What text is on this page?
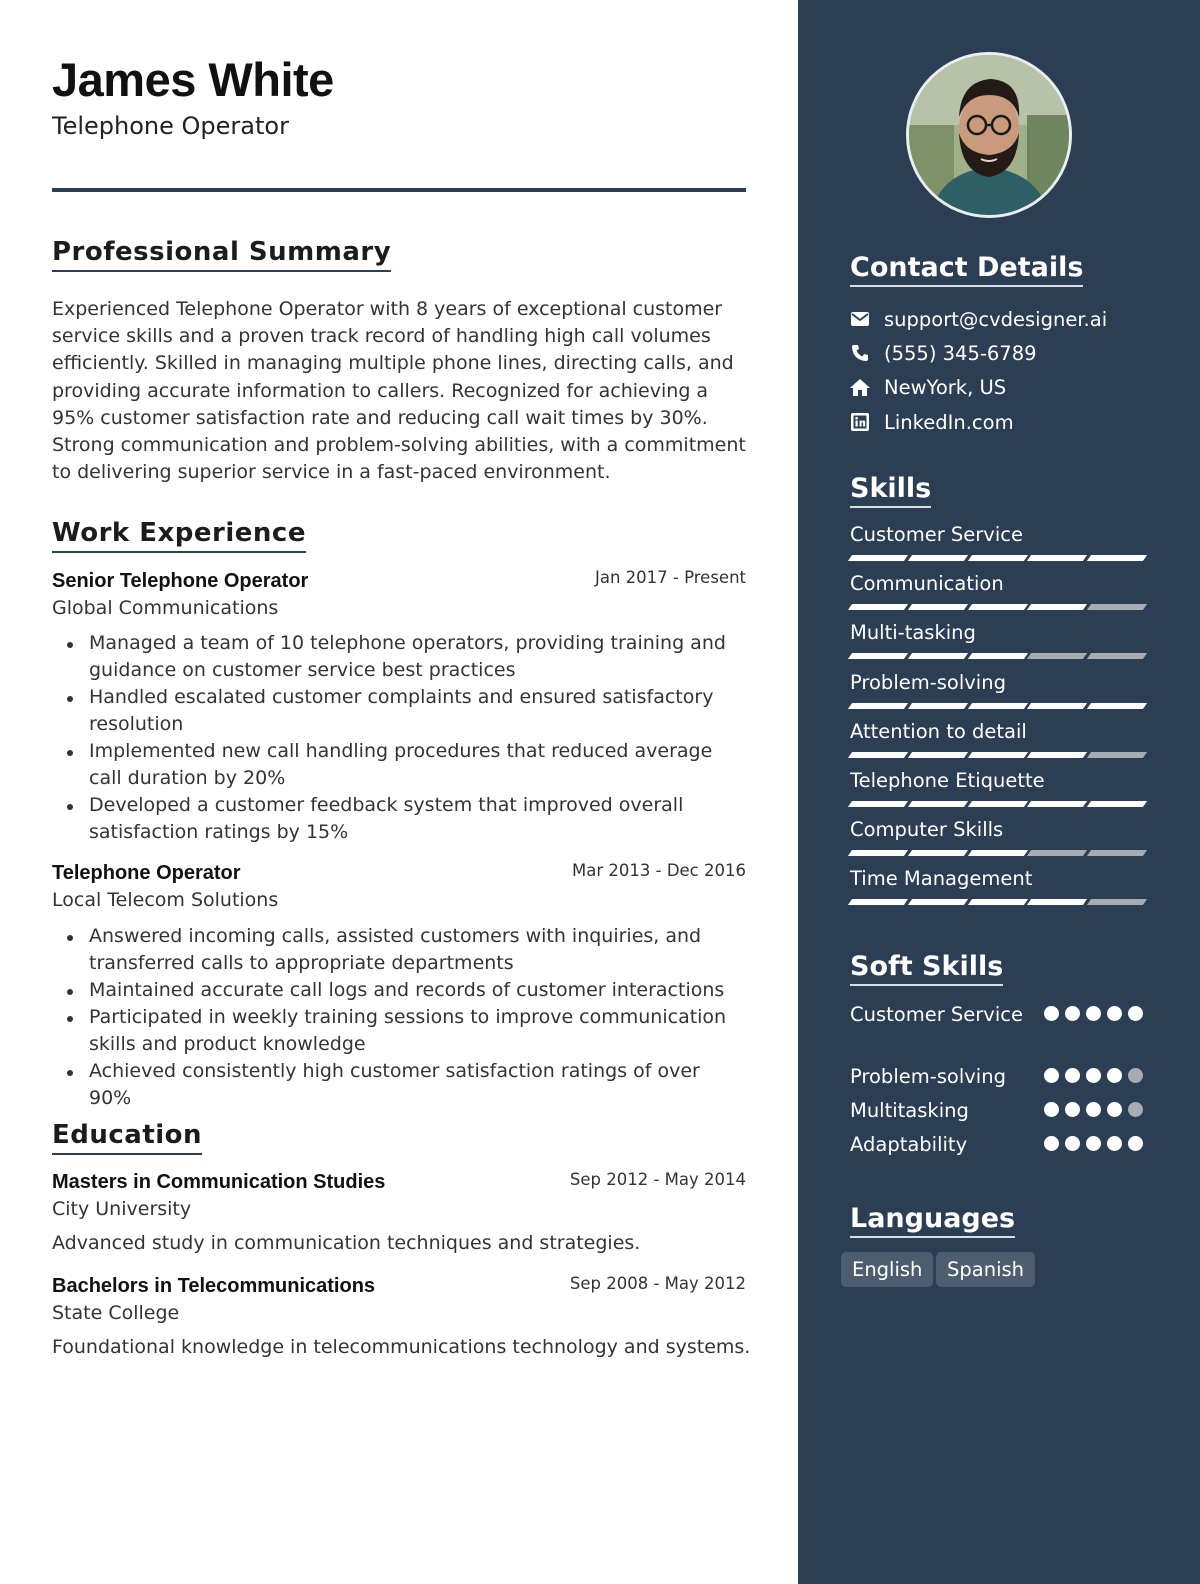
James White
Telephone Operator
Professional Summary

Experienced Telephone Operator with 8 years of exceptional customer service skills and a proven track record of handling high call volumes efficiently. Skilled in managing multiple phone lines, directing calls, and providing accurate information to callers. Recognized for achieving a 95% customer satisfaction rate and reducing call wait times by 30%. Strong communication and problem-solving abilities, with a commitment to delivering superior service in a fast-paced environment.

Work Experience
Senior Telephone Operator	Jan 2017 - Present
Global Communications
Managed a team of 10 telephone operators, providing training and guidance on customer service best practices
Handled escalated customer complaints and ensured satisfactory resolution
Implemented new call handling procedures that reduced average call duration by 20%
Developed a customer feedback system that improved overall satisfaction ratings by 15%
Telephone Operator	Mar 2013 - Dec 2016
Local Telecom Solutions
Answered incoming calls, assisted customers with inquiries, and transferred calls to appropriate departments
Maintained accurate call logs and records of customer interactions
Participated in weekly training sessions to improve communication skills and product knowledge
Achieved consistently high customer satisfaction ratings of over 90%
Education
Masters in Communication Studies	Sep 2012 - May 2014
City University
Advanced study in communication techniques and strategies.
Bachelors in Telecommunications	Sep 2008 - May 2012
State College
Foundational knowledge in telecommunications technology and systems.
Contact Details
support@cvdesigner.ai
(555) 345-6789
NewYork, US
LinkedIn.com
Skills
Customer Service
Communication
Multi-tasking
Problem-solving
Attention to detail
Telephone Etiquette
Computer Skills
Time Management
Soft Skills
Customer Service
Problem-solving
Multitasking
Adaptability
Languages
English	Spanish
